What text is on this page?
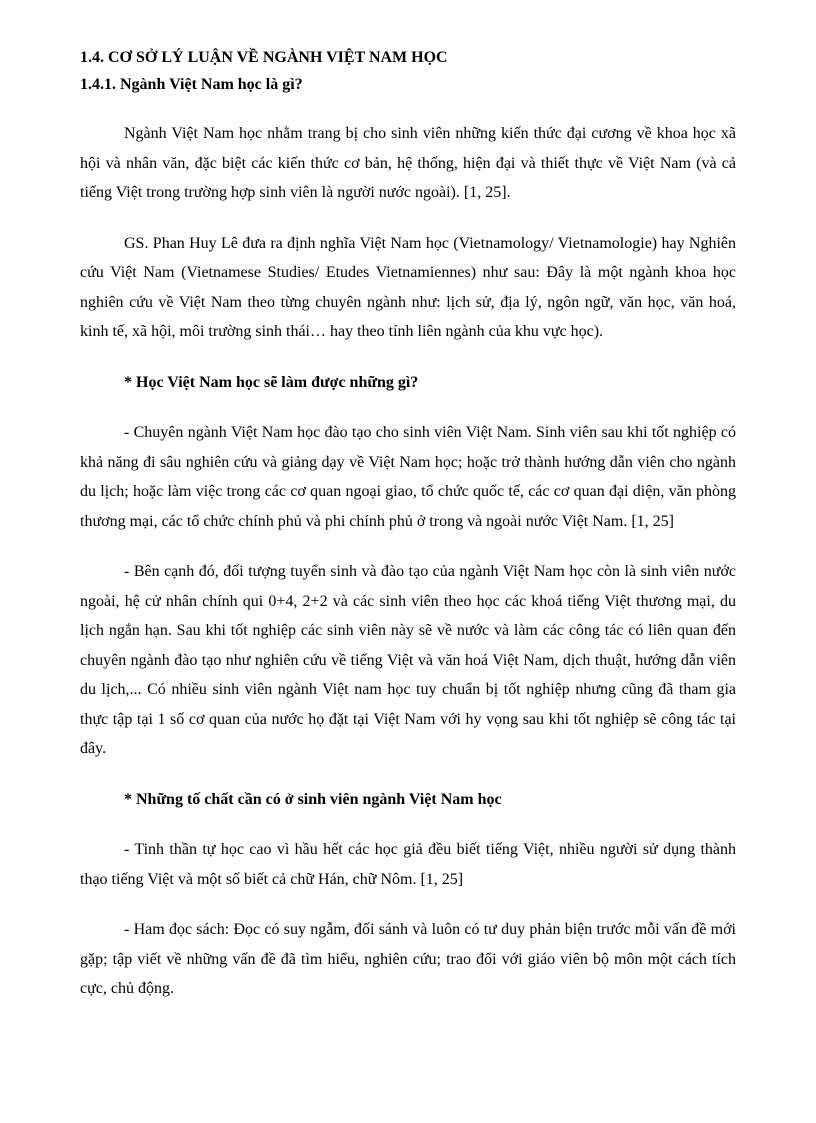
1.4. CƠ SỞ LÝ LUẬN VỀ NGÀNH VIỆT NAM HỌC

1.4.1. Ngành Việt Nam học là gì?

Ngành Việt Nam học nhằm trang bị cho sinh viên những kiến thức đại cương về khoa học xã hội và nhân văn, đặc biệt các kiến thức cơ bản, hệ thống, hiện đại và thiết thực về Việt Nam (và cả tiếng Việt trong trường hợp sinh viên là người nước ngoài). [1, 25].

GS. Phan Huy Lê đưa ra định nghĩa Việt Nam học (Vietnamology/ Vietnamologie) hay Nghiên cứu Việt Nam (Vietnamese Studies/ Etudes Vietnamiennes) như sau: Đây là một ngành khoa học nghiên cứu về Việt Nam theo từng chuyên ngành như: lịch sử, địa lý, ngôn ngữ, văn học, văn hoá, kinh tế, xã hội, môi trường sinh thái… hay theo tính liên ngành của khu vực học).

* Học Việt Nam học sẽ làm được những gì?

- Chuyên ngành Việt Nam học đào tạo cho sinh viên Việt Nam. Sinh viên sau khi tốt nghiệp có khả năng đi sâu nghiên cứu và giảng dạy về Việt Nam học; hoặc trở thành hướng dẫn viên cho ngành du lịch; hoặc làm việc trong các cơ quan ngoại giao, tổ chức quốc tế, các cơ quan đại diện, văn phòng thương mại, các tổ chức chính phủ và phi chính phủ ở trong và ngoài nước Việt Nam. [1, 25]

- Bên cạnh đó, đối tượng tuyển sinh và đào tạo của ngành Việt Nam học còn là sinh viên nước ngoài, hệ cử nhân chính qui 0+4, 2+2 và các sinh viên theo học các khoá tiếng Việt thương mại, du lịch ngắn hạn. Sau khi tốt nghiệp các sinh viên này sẽ về nước và làm các công tác có liên quan đến chuyên ngành đào tạo như nghiên cứu về tiếng Việt và văn hoá Việt Nam, dịch thuật, hướng dẫn viên du lịch,... Có nhiều sinh viên ngành Việt nam học tuy chuẩn bị tốt nghiệp nhưng cũng đã tham gia thực tập tại 1 số cơ quan của nước họ đặt tại Việt Nam với hy vọng sau khi tốt nghiệp sẽ công tác tại đây.

* Những tố chất cần có ở sinh viên ngành Việt Nam học

- Tinh thần tự học cao vì hầu hết các học giả đều biết tiếng Việt, nhiều người sử dụng thành thạo tiếng Việt và một số biết cả chữ Hán, chữ Nôm. [1, 25]

- Ham đọc sách: Đọc có suy ngẫm, đối sánh và luôn có tư duy phản biện trước mỗi vấn đề mới gặp; tập viết về những vấn đề đã tìm hiểu, nghiên cứu; trao đổi với giáo viên bộ môn một cách tích cực, chủ động.
